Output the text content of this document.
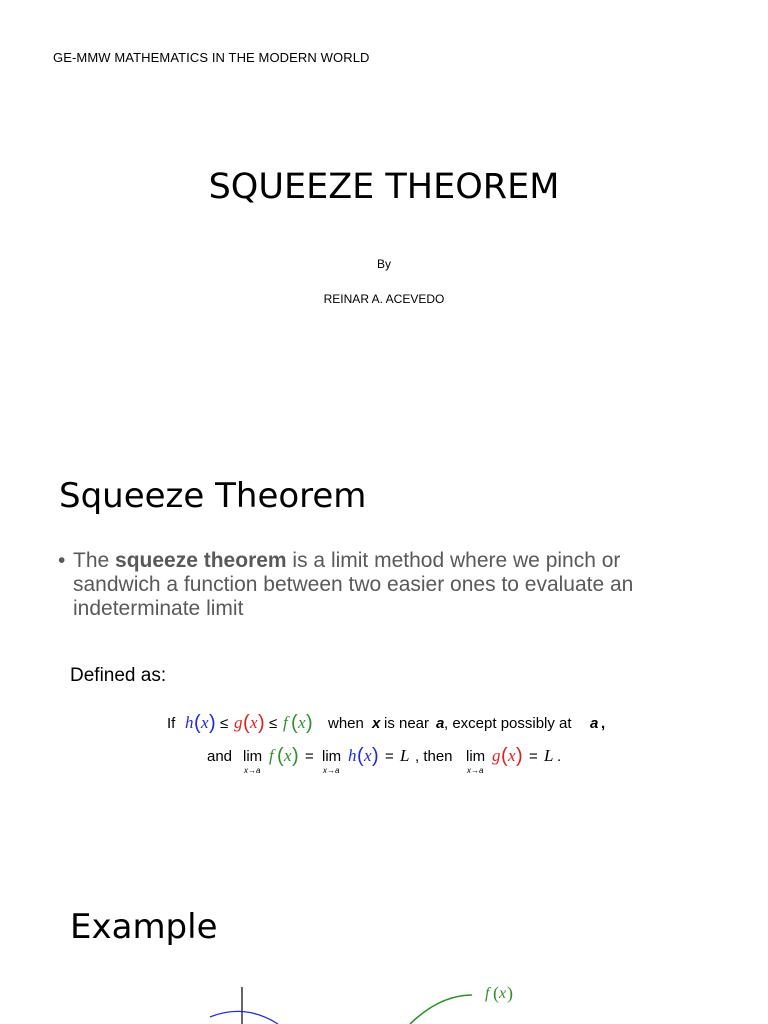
GE-MMW MATHEMATICS IN THE MODERN WORLD
SQUEEZE THEOREM
By
REINAR A. ACEVEDO
Squeeze Theorem
• The squeeze theorem is a limit method where we pinch or sandwich a function between two easier ones to evaluate an indeterminate limit
Defined as:
If h ( x ) ≤ g ( x ) ≤ f ( x ) when x is near a , except possibly at a ,
and lim
x→a
f ( x ) = lim
x→a
h ( x ) = L , then lim
x→a
g ( x ) = L .
Example
f ( x )
